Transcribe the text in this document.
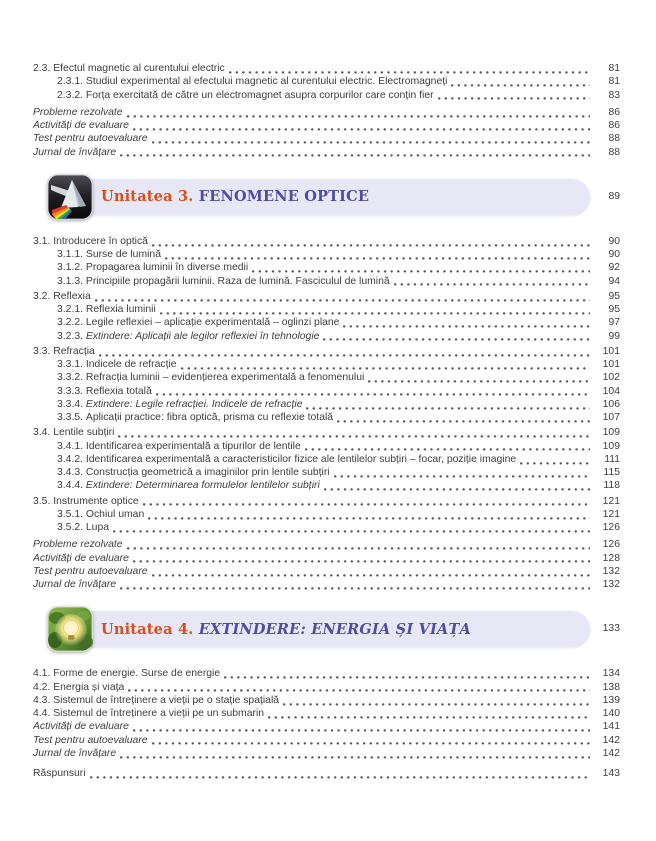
2.3. Efectul magnetic al curentului electric	81
2.3.1. Studiul experimental al efectului magnetic al curentului electric. Electromagneți	81
2.3.2. Forța exercitată de către un electromagnet asupra corpurilor care conțin fier	83
Probleme rezolvate	86
Activități de evaluare	86
Test pentru autoevaluare	88
Jurnal de învățare	88
Unitatea 3. FENOMENE OPTICE	89
3.1. Introducere în optică	90
3.1.1. Surse de lumină	90
3.1.2. Propagarea luminii în diverse medii	92
3.1.3. Principiile propagării luminii. Raza de lumină. Fasciculul de lumină	94
3.2. Reflexia	95
3.2.1. Reflexia luminii	95
3.2.2. Legile reflexiei – aplicație experimentală – oglinzi plane	97
3.2.3. Extindere: Aplicații ale legilor reflexiei în tehnologie	99
3.3. Refracția	101
3.3.1. Indicele de refracție	101
3.3.2. Refracția luminii – evidențierea experimentală a fenomenului	102
3.3.3. Reflexia totală	104
3.3.4. Extindere: Legile refracției. Indicele de refracție	106
3.3.5. Aplicații practice: fibra optică, prisma cu reflexie totală	107
3.4. Lentile subțiri	109
3.4.1. Identificarea experimentală a tipurilor de lentile	109
3.4.2. Identificarea experimentală a caracteristicilor fizice ale lentilelor subțiri – focar, poziție imagine	111
3.4.3. Construcția geometrică a imaginilor prin lentile subțiri	115
3.4.4. Extindere: Determinarea formulelor lentilelor subțiri	118
3.5. Instrumente optice	121
3.5.1. Ochiul uman	121
3.5.2. Lupa	126
Probleme rezolvate	126
Activități de evaluare	128
Test pentru autoevaluare	132
Jurnal de învățare	132
Unitatea 4. EXTINDERE: ENERGIA ȘI VIAȚA	133
4.1. Forme de energie. Surse de energie	134
4.2. Energia și viața	138
4.3. Sistemul de întreținere a vieții pe o stație spațială	139
4.4. Sistemul de întreținere a vieții pe un submarin	140
Activități de evaluare	141
Test pentru autoevaluare	142
Jurnal de învățare	142
Răspunsuri	143
